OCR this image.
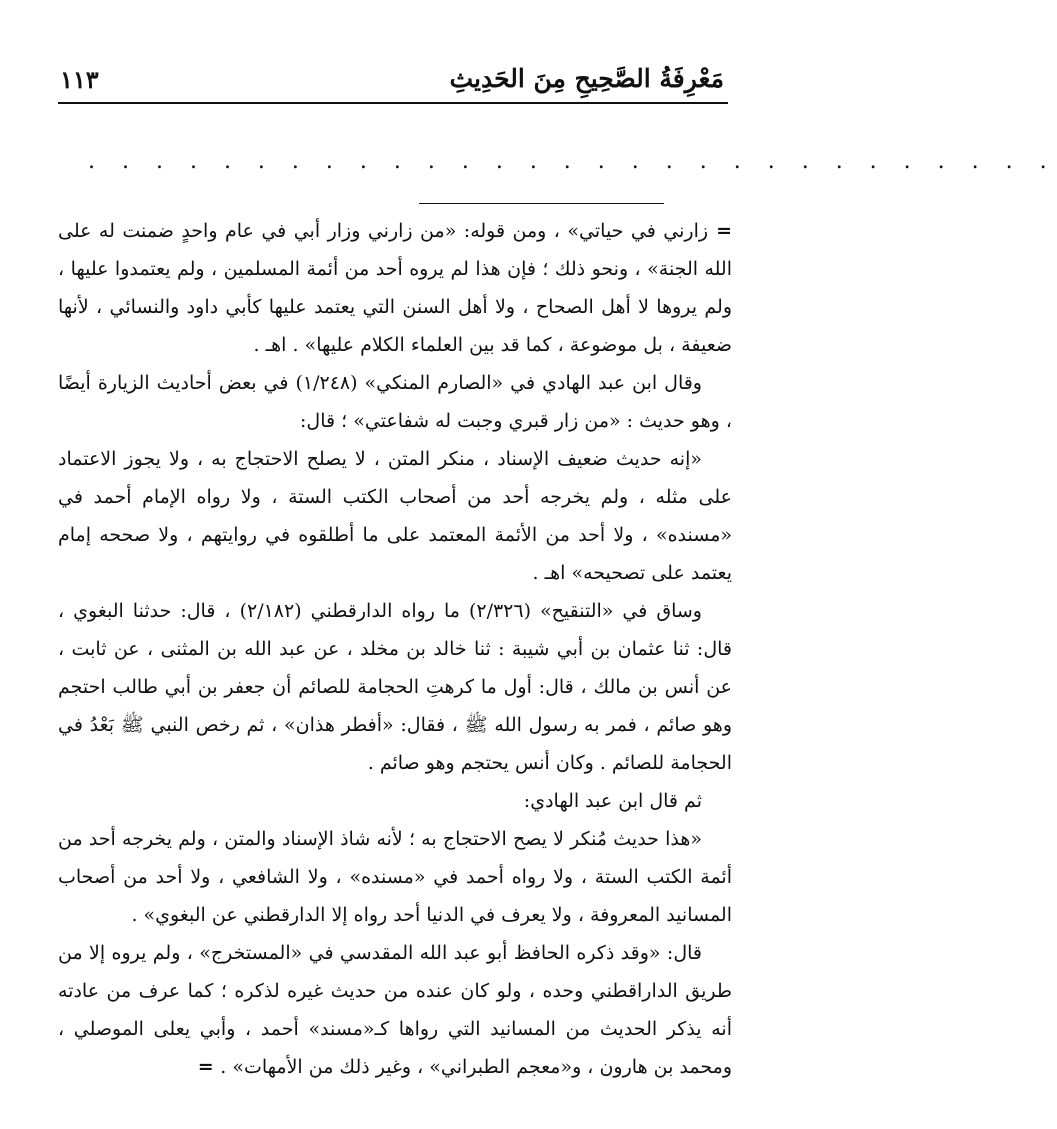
مَعْرِفَةُ الصَّحِيحِ مِنَ الحَدِيثِ
١١٣
. . . . . . . . . . . . . . . . . . . . . . . . . . . . .

= زارني في حياتي» ، ومن قوله: «من زارني وزار أبي في عام واحدٍ ضمنت له على الله الجنة» ، ونحو ذلك ؛ فإن هذا لم يروه أحد من أئمة المسلمين ، ولم يعتمدوا عليها ، ولم يروها لا أهل الصحاح ، ولا أهل السنن التي يعتمد عليها كأبي داود والنسائي ، لأنها ضعيفة ، بل موضوعة ، كما قد بين العلماء الكلام عليها» . اهـ .

وقال ابن عبد الهادي في «الصارم المنكي» (١/٢٤٨) في بعض أحاديث الزيارة أيضًا ، وهو حديث : «من زار قبري وجبت له شفاعتي» ؛ قال:

«إنه حديث ضعيف الإسناد ، منكر المتن ، لا يصلح الاحتجاج به ، ولا يجوز الاعتماد على مثله ، ولم يخرجه أحد من أصحاب الكتب الستة ، ولا رواه الإمام أحمد في «مسنده» ، ولا أحد من الأئمة المعتمد على ما أطلقوه في روايتهم ، ولا صححه إمام يعتمد على تصحيحه» اهـ .

وساق في «التنقيح» (٢/٣٢٦) ما رواه الدارقطني (٢/١٨٢) ، قال: حدثنا البغوي ، قال: ثنا عثمان بن أبي شيبة : ثنا خالد بن مخلد ، عن عبد الله بن المثنى ، عن ثابت ، عن أنس بن مالك ، قال: أول ما كرهتِ الحجامة للصائم أن جعفر بن أبي طالب احتجم وهو صائم ، فمر به رسول الله ﷺ ، فقال: «أفطر هذان» ، ثم رخص النبي ﷺ بَعْدُ في الحجامة للصائم . وكان أنس يحتجم وهو صائم .

ثم قال ابن عبد الهادي:

«هذا حديث مُنكر لا يصح الاحتجاج به ؛ لأنه شاذ الإسناد والمتن ، ولم يخرجه أحد من أئمة الكتب الستة ، ولا رواه أحمد في «مسنده» ، ولا الشافعي ، ولا أحد من أصحاب المسانيد المعروفة ، ولا يعرف في الدنيا أحد رواه إلا الدارقطني عن البغوي» .

قال: «وقد ذكره الحافظ أبو عبد الله المقدسي في «المستخرج» ، ولم يروه إلا من طريق الداراقطني وحده ، ولو كان عنده من حديث غيره لذكره ؛ كما عرف من عادته أنه يذكر الحديث من المسانيد التي رواها كـ«مسند» أحمد ، وأبي يعلى الموصلي ، ومحمد بن هارون ، و«معجم الطبراني» ، وغير ذلك من الأمهات» . =
